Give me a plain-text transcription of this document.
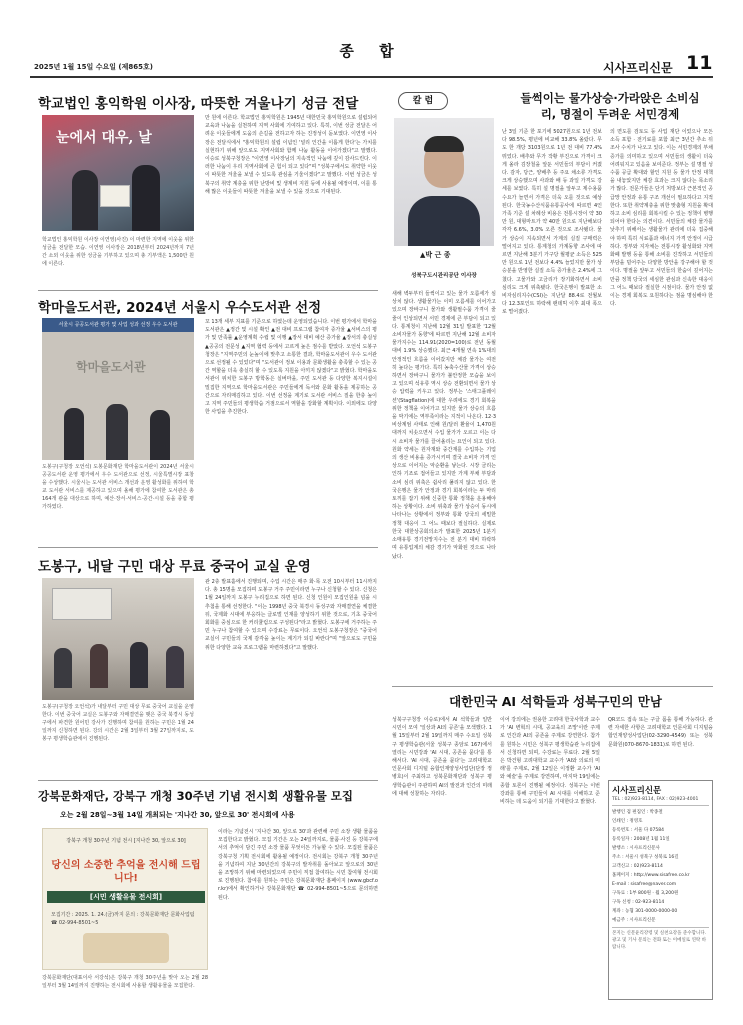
종 합
2025년 1월 15일 수요일 (제865호)	시사프리신문 11
학교법인 홍익학원 이사장, 따뜻한 겨울나기 성금 전달
눈에서 대우, 날
학교법인 홍익학원 이사장 이연영(사진) 이 마련한 지역에 이웃을 위한 성금을 전달한 모습. 이연영 이사장은 2018년부터 2024년까지 7년간 소외 이웃을 위한 성금을 기부하고 있으며 총 기부액은 1,500만 원에 이른다.
만 원에 이른다. 학교법인 홍익학원은 1945년 대한민국 홍익학원으로 설립되어 교육과 나눔을 실천하며 지역 사회에 기여하고 있다. 특히, 이번 성금 전달은 어려운 이웃들에게 도움의 손길을 전하고자 하는 진정성이 돋보였다. 이연영 이사장은 전달식에서 "홍익학원의 설립 이념인 '널리 인간을 이롭게 한다'는 가치를 실현하기 위해 앞으로도 지역사회와 함께 나눔 활동을 이어가겠다"고 말했다. 이승로 성북구청장은 "이연영 이사장님의 지속적인 나눔에 깊이 감사드린다. 이러한 나눔이 우리 지역사회에 큰 힘이 되고 있다"며 "성북구에서도 취약한 이웃이 따뜻한 겨울을 보낼 수 있도록 관심을 기울이겠다"고 말했다. 이번 성금은 성북구의 취약 계층을 위한 난방비 및 생계비 지원 등에 사용될 예정이며, 이를 통해 많은 이웃들이 따뜻한 겨울을 보낼 수 있을 것으로 기대된다.
학마을도서관, 2024년 서울시 우수도서관 선정
서울시 공공도서관 평가 및 사업 성과 선정 우수 도서관
학마을도서관
도봉구(구청장 오언석) 도봉문화재단 학마을도서관이 2024년 서울시 공공도서관 운영 평가에서 우수 도서관으로 선정, 시울특별시장 표창을 수상했다. 시울시는 도서관 서비스 개선과 운영 활성화를 위하여 학교 도서관 서비스를 제공하고 있으며 올해 평가에 참여한 도서관은 총 164개 관을 대상으로 하며, 예산·장서·서비스·공간·시설 등을 종합 평가하였다.
꼬 13개 세부 지표를 기준으로 하였는데 운영되었습니다. 이번 평가에서 학마을도서관은 ▲정간 및 시설 확인 ▲전 대비 프로그램 참여자 증가율 ▲서비스의 평가 및 만족률 ▲운영계획 수립 및 이행 ▲장서 대비 예산 증가율 ▲장서의 충실성 ▲공공의 전문성 ▲지역 협력 등에서 고르게 높은 점수를 받았다. 오언석 도봉구청장은 "지역주민의 눈높이에 맞추고 소통한 결과, 학마을도서관이 우수 도서관으로 선정될 수 있었다"며 "도서관이 정보 이용과 문화생활을 충족할 수 있는 공간 역할을 더욱 충실히 할 수 있도록 지원을 아끼지 않겠다"고 밝혔다. 학마을도서관이 위치한 도봉구 방학동은 실버마을, 주민 도서관 등 다양한 복지시설이 밀집한 지역으로 학마을도서관은 주민들에게 독서와 문화 활동을 제공하는 공간으로 자리매김하고 있다. 이번 선정을 계기로 도서관 서비스 질을 한층 높이고 지역 주민들의 평생학습 거점으로서 역할을 강화할 계획이다. 이외에도 다양한 사업을 추진한다.
도봉구, 내달 구민 대상 무료 중국어 교실 운영
도봉구(구청장 오언석)가 내달부터 구민 대상 무료 중국어 교실을 운영한다. 이번 중국어 교실은 도봉구와 자매결연을 맺은 중국 북경시 동성구에서 파견한 원어민 강사가 진행하며 참여를 원하는 구민은 1월 24일까지 신청하면 된다. 강의 시간은 2월 3일부터 3월 27일까지로, 도봉구 평생학습관에서 진행된다.
관 2층 발표홀에서 진행되며, 수업 시간은 매주 화·목 오전 10시부터 11시까지다. 총 15명을 모집하며 도봉구 거주 주민이라면 누구나 신청할 수 있다. 신청은 1월 24일까지 도봉구 누리집으로 하면 된다. 신청 인원이 모집인원을 넘을 시 추첨을 통해 선정한다. "이는 1998년 중국 북경시 동성구와 자매결연을 체결한 뒤, 국제화 시대에 부응하는 글로벌 인재를 양성하기 위한 것으로, 기초 중국어 회화를 중심으로 한 커리큘럼으로 구성된다"라고 밝혔다. 도봉구에 거주하는 주민 누구나 참여할 수 있으며 수강료는 무료이다. 오언석 도봉구청장은 "중국어 교실이 구민들의 국제 감각을 높이는 계기가 되길 바란다"며 "앞으로도 구민을 위한 다양한 교육 프로그램을 마련하겠다"고 말했다.
강북문화재단, 강북구 개청 30주년 기념 전시회 생활유물 모집
오는 2월 28일~3월 14일 개최되는 '지나간 30, 앞으로 30' 전시회에 사용
강북구 개청 30주년 기념 전시 [지나간 30, 앞으로 30]
당신의 소중한 추억을 전시해 드립니다!
[시민 생활유물 전시회]
모집기간 : 2025. 1. 24.(금)까지 문의 : 강북문화재단 문화사업팀 ☎ 02-994-8501~5
강북문화재단(대표이사 서강석)은 강북구 개청 30주년을 맞아 오는 2월 28일부터 3월 14일까지 진행하는 전시회에 사용할 생활유물을 모집한다.
이라는 기념전시 '지나간 30, 앞으로 30'과 관련해 주민 소장 생활 물품을 모집한다고 밝혔다. 모집 기간은 오는 24일까지로, 물품·사진 등 강북구에서의 추억이 담긴 주민 소장 물품 무엇이든 가능할 수 있다. 모집된 물품은 강북구청 기획 전시회에 활용될 예정이다. 전시회는 강북구 개청 30주년을 기념하여 지난 30년간의 강북구의 발자취를 돌아보고 앞으로의 30년을 조망하기 위해 마련되었으며 주민이 직접 참여하는 시민 참여형 전시회로 진행된다. 참여를 원하는 주민은 강북문화재단 홈페이지 (www.gbcf.or.kr)에서 확인하거나 강북문화재단 ☎ 02-994-8501~5으로 문의하면 된다.
칼 럼
▲박 근 종
성북구도시관리공단 이사장
새해 벽두부터 들썩이고 있는 물가 오름세가 심상치 않다. 생활물가는 이미 오름세를 이어가고 있으며 장바구니 물가와 생활필수품 가격이 줄줄이 인상되면서 서민 경제에 큰 부담이 되고 있다. 통계청이 지난해 12월 31일 발표한 '12월 소비자물가 동향'에 따르면 지난해 12월 소비자물가지수는 114.91(2020=100)로 전년 동월 대비 1.9% 상승했다. 최근 4개월 연속 1%대의 안정적인 흐름을 이어갔지만 체감 물가는 여전히 높다는 평가다. 특히 농축수산물 가격이 상승하면서 장바구니 물가가 불안정한 모습을 보이고 있으며 석유류 역시 상승 전환되면서 물가 상승 압력을 키우고 있다. 정부는 '스태그플레이션'(Stagflation)에 대한 우려에도 경기 회복을 위한 정책을 이어가고 있지만 물가 상승의 흐름을 막기에는 역부족이라는 지적이 나온다. 12·3 비상계엄 사태로 인해 원/달러 환율이 1,470원대까지 치솟으면서 수입 물가가 오르고 이는 다시 소비자 물가를 끌어올리는 요인이 되고 있다. 원화 약세는 원자재와 중간재를 수입하는 기업의 생산 비용을 증가시키며 결국 소비자 가격 인상으로 이어지는 악순환을 낳는다. 시장 금리는 인하 기조로 접어들고 있지만 가계 부채 부담과 소비 심리 위축은 쉽사리 풀리지 않고 있다. 한국은행은 물가 안정과 경기 회복이라는 두 마리 토끼를 잡기 위해 신중한 통화 정책을 운용해야 하는 상황이다. 소비 위축과 물가 상승이 동시에 나타나는 상황에서 정부와 통화 당국의 세밀한 정책 대응이 그 어느 때보다 절실하다. 실제로 한국 대한상공회의소가 발표한 2025년 1분기 소매유통 경기전망지수는 전 분기 대비 하락하며 유통업계의 체감 경기가 악화된 것으로 나타났다.
들썩이는 물가상승·가라앉은 소비심리, 명절이 두려운 서민경제
난 3일 기준 한 포기에 5027원으로 1년 전보다 98.5%, 평년에 비교해 33.8% 올랐다. 무도 한 개당 3103원으로 1년 전 대비 77.4% 뛰었다. 배추와 무가 작황 부진으로 가격이 크게 올라 김장철을 앞둔 서민들의 부담이 커졌다. 감자, 당근, 양배추 등 주요 채소류 가격도 크게 상승했으며 사과와 배 등 과일 가격도 강세를 보였다. 특히 설 명절을 앞두고 제수용품 수요가 늘면서 가격은 더욱 오를 것으로 예상된다. 한국농수산식품유통공사에 따르면 4인 가족 기준 설 차례상 비용은 전통시장이 약 30만 원, 대형마트가 약 40만 원으로 지난해보다 각각 6.6%, 3.0% 오른 것으로 조사됐다. 물가 상승이 지속되면서 가계의 실질 구매력은 떨어지고 있다. 통계청의 가계동향 조사에 따르면 지난해 3분기 가구당 월평균 소득은 525만 원으로 1년 전보다 4.4% 늘었지만 물가 상승분을 반영한 실질 소득 증가율은 2.4%에 그쳤다. 고물가와 고금리가 장기화하면서 소비 심리도 크게 위축됐다. 한국은행이 발표한 소비자심리지수(CSI)는 지난달 88.4로 전월보다 12.3포인트 하락해 팬데믹 이후 최대 폭으로 떨어졌다.
의 면도를 검토도 등 사업 재단 이었으나 모든 소득 포함 · 전기료를 포함 최근 3년간 추소 뒤 조사 수치가 나오고 있다. 이는 서민경제의 부채 증가를 의미하고 있으며 서민들의 생활이 더욱 어려워지고 있음을 보여준다. 정부는 설 명절 성수품 공급 확대와 할인 지원 등 물가 안정 대책을 내놓았지만 체감 효과는 크지 않다는 목소리가 많다. 전문가들은 단기 처방보다 근본적인 공급망 안정과 유통 구조 개선이 필요하다고 지적한다. 또한 취약계층을 위한 맞춤형 지원을 확대하고 소비 심리를 회복시킬 수 있는 정책이 병행되어야 한다는 의견이다. 서민들의 체감 물가를 낮추기 위해서는 생활물가 관리에 더욱 집중해야 하며 특히 식료품과 에너지 가격 안정이 시급하다. 정부와 지자체는 전통시장 활성화와 지역화폐 발행 등을 통해 소비를 진작하고 서민들의 부담을 덜어주는 다양한 방안을 강구해야 할 것이다. 명절을 앞두고 서민들의 한숨이 깊어지는 만큼 정책 당국의 세심한 관심과 신속한 대응이 그 어느 때보다 절실한 시점이다. 물가 안정 없이는 경제 회복도 요원하다는 점을 명심해야 한다.
대한민국 AI 석학들과 성북구민의 만남
성북구구청장 이승로)에서 AI 석학들과 일반 시민이 모여 '일상과 AI의 공존'을 모색했다. 1월 15일부터 2월 19일까지 매주 수요일 성북구 평생학습관(서울 성북구 종암로 167)에서 열리는 시민강좌 'AI 시대, 공존을 묻다'를 통해서다. 'AI 시대, 공존을 묻다'는 고려대학교 인문사회 디지털 융합인재양성사업단(단장 정병호)이 주최하고 성북문화재단과 성북구 평생학습관이 주관하며 AI의 발전과 인간의 미래에 대해 성찰하는 자리다.
이어 강의에는 권용한 고려대 한국사학과 교수가 'AI 변혁의 시대, 공교육의 조망'이란 주제로 인간과 AI의 공존을 주제로 강연한다. 참가를 원하는 시민은 성북구 평생학습관 누리집에서 신청하면 되며, 수강료는 무료다. 2월 5일은 박건형 고려대학교 교수가 'AI와 의료의 미래'를 주제로, 2월 12일은 이정환 교수가 'AI와 예술'을 주제로 강연하며, 마지막 19일에는 종합 토론이 진행될 예정이다. 성북구는 이번 강좌를 통해 구민들이 AI 시대를 이해하고 준비하는 데 도움이 되기를 기대한다고 밝혔다.
QR코드 접속 또는 구글 폼을 통해 가능하다. 관련 자세한 사항은 고려대학교 인문사회 디지털융합인재양성사업단(02-3290-4549) 또는 성북문화원(070-8670-1831)로 하면 된다.
시사프리신문
TEL : 02)923-8114, FAX : 02)923-4001
발행인 겸 편집인 : 박종철
인쇄인 : 정영호
등록번호 : 서울 다 07584
등록일자 : 2008년 1월 11일
발행소 : 시사프리신문사
주소 : 서울시 성북구 성북로 16길
고객신고 : 02)923-8114
홈페이지 : http://www.sisafree.co.kr
E-mail : sisafree@naver.com
구독료 : 1부 800원 · 월 3,200원
구독 신청 : 02-923-8114
계좌 : 농협 301-0000-0000-00
예금주 : 시사프리신문
본지는 신문윤리강령 및 실천요강을 준수합니다. 광고 및 기사 문의는 전화 또는 이메일로 연락 바랍니다.
